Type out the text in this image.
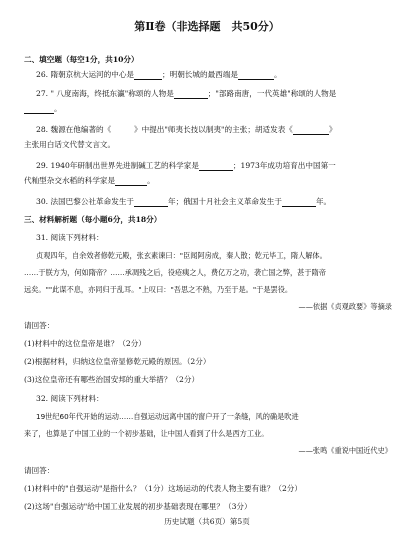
第Ⅱ卷（非选择题　共50分）
二、填空题（每空1分，共10分）
26. 隋朝京杭大运河的中心是	；明朝长城的最西端是	。
27. " 八度南海，终抵东瀛"称颂的人物是	；"部路南唐，一代英雄"称颂的人物是
。
28. 魏源在他编著的《　　　》中提出"师夷长技以制夷"的主张；胡适发表《	》
主张用白话文代替文言文。
29. 1940年研制出世界先进制碱工艺的科学家是	；1973年成功培育出中国第一
代籼型杂交水稻的科学家是	。
30. 法国巴黎公社革命发生于	年；俄国十月社会主义革命发生于	年。
三、材料解析题（每小题6分，共18分）
31. 阅读下列材料：
贞观四年，自余效者修乾元殿，张玄素谏曰："臣闻阿房成，秦人散；乾元毕工，隋人解体。
……于朕方为，何如隋帝？……承凋残之后，役疮痍之人，费亿万之功，袭亡国之弊，甚于隋帝
远矣。""此谋不息，亦同归于乱耳。"上叹曰："吾思之不熟，乃至于是。"于是罢役。
——依据《贞观政要》等摘录
请回答：
(1)材料中的这位皇帝是谁？（2分）
(2)根据材料，归纳这位皇帝显修乾元殿的原因。（2分）
(3)这位皇帝还有哪些治国安邦的重大举措？（2分）
32. 阅读下列材料：
19世纪60年代开始的运动……自强运动远离中国的窗户开了一条缝，风的确是吹进
来了，也算是了中国工业的一个初步基础，让中国人看到了什么是西方工业。
——张鸣《重说中国近代史》
请回答：
(1)材料中的"自强运动"是指什么？（1分）这场运动的代表人物主要有谁？（2分）
(2)这场"自强运动"给中国工业发展的初步基础表现在哪里？（3分）
历史试题（共6页）第5页
